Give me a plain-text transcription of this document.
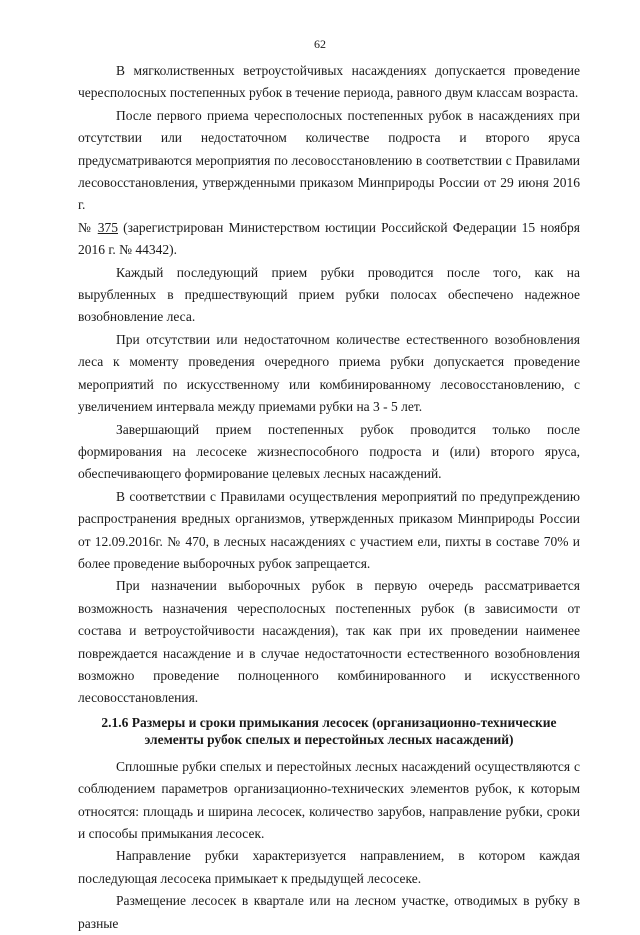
62

В мягколиственных ветроустойчивых насаждениях допускается проведение чересполосных постепенных рубок в течение периода, равного двум классам возраста.

После первого приема чересполосных постепенных рубок в насаждениях при отсутствии или недостаточном количестве подроста и второго яруса предусматриваются мероприятия по лесовосстановлению в соответствии с Правилами лесовосстановления, утвержденными приказом Минприроды России от 29 июня 2016 г.

№ 375 (зарегистрирован Министерством юстиции Российской Федерации 15 ноября 2016 г. № 44342).

Каждый последующий прием рубки проводится после того, как на вырубленных в предшествующий прием рубки полосах обеспечено надежное возобновление леса.

При отсутствии или недостаточном количестве естественного возобновления леса к моменту проведения очередного приема рубки допускается проведение мероприятий по искусственному или комбинированному лесовосстановлению, с увеличением интервала между приемами рубки на 3 - 5 лет.

Завершающий прием постепенных рубок проводится только после формирования на лесосеке жизнеспособного подроста и (или) второго яруса, обеспечивающего формирование целевых лесных насаждений.

В соответствии с Правилами осуществления мероприятий по предупреждению распространения вредных организмов, утвержденных приказом Минприроды России от 12.09.2016г. № 470, в лесных насаждениях с участием ели, пихты в составе 70% и более проведение выборочных рубок запрещается.

При назначении выборочных рубок в первую очередь рассматривается возможность назначения чересполосных постепенных рубок (в зависимости от состава и ветроустойчивости насаждения), так как при их проведении наименее повреждается насаждение и в случае недостаточности естественного возобновления возможно проведение полноценного комбинированного и искусственного лесовосстановления.

2.1.6 Размеры и сроки примыкания лесосек (организационно-технические элементы рубок спелых и перестойных лесных насаждений)

Сплошные рубки спелых и перестойных лесных насаждений осуществляются с соблюдением параметров организационно-технических элементов рубок, к которым относятся: площадь и ширина лесосек, количество зарубов, направление рубки, сроки и способы примыкания лесосек.

Направление рубки характеризуется направлением, в котором каждая последующая лесосека примыкает к предыдущей лесосеке.

Размещение лесосек в квартале или на лесном участке, отводимых в рубку в разные
